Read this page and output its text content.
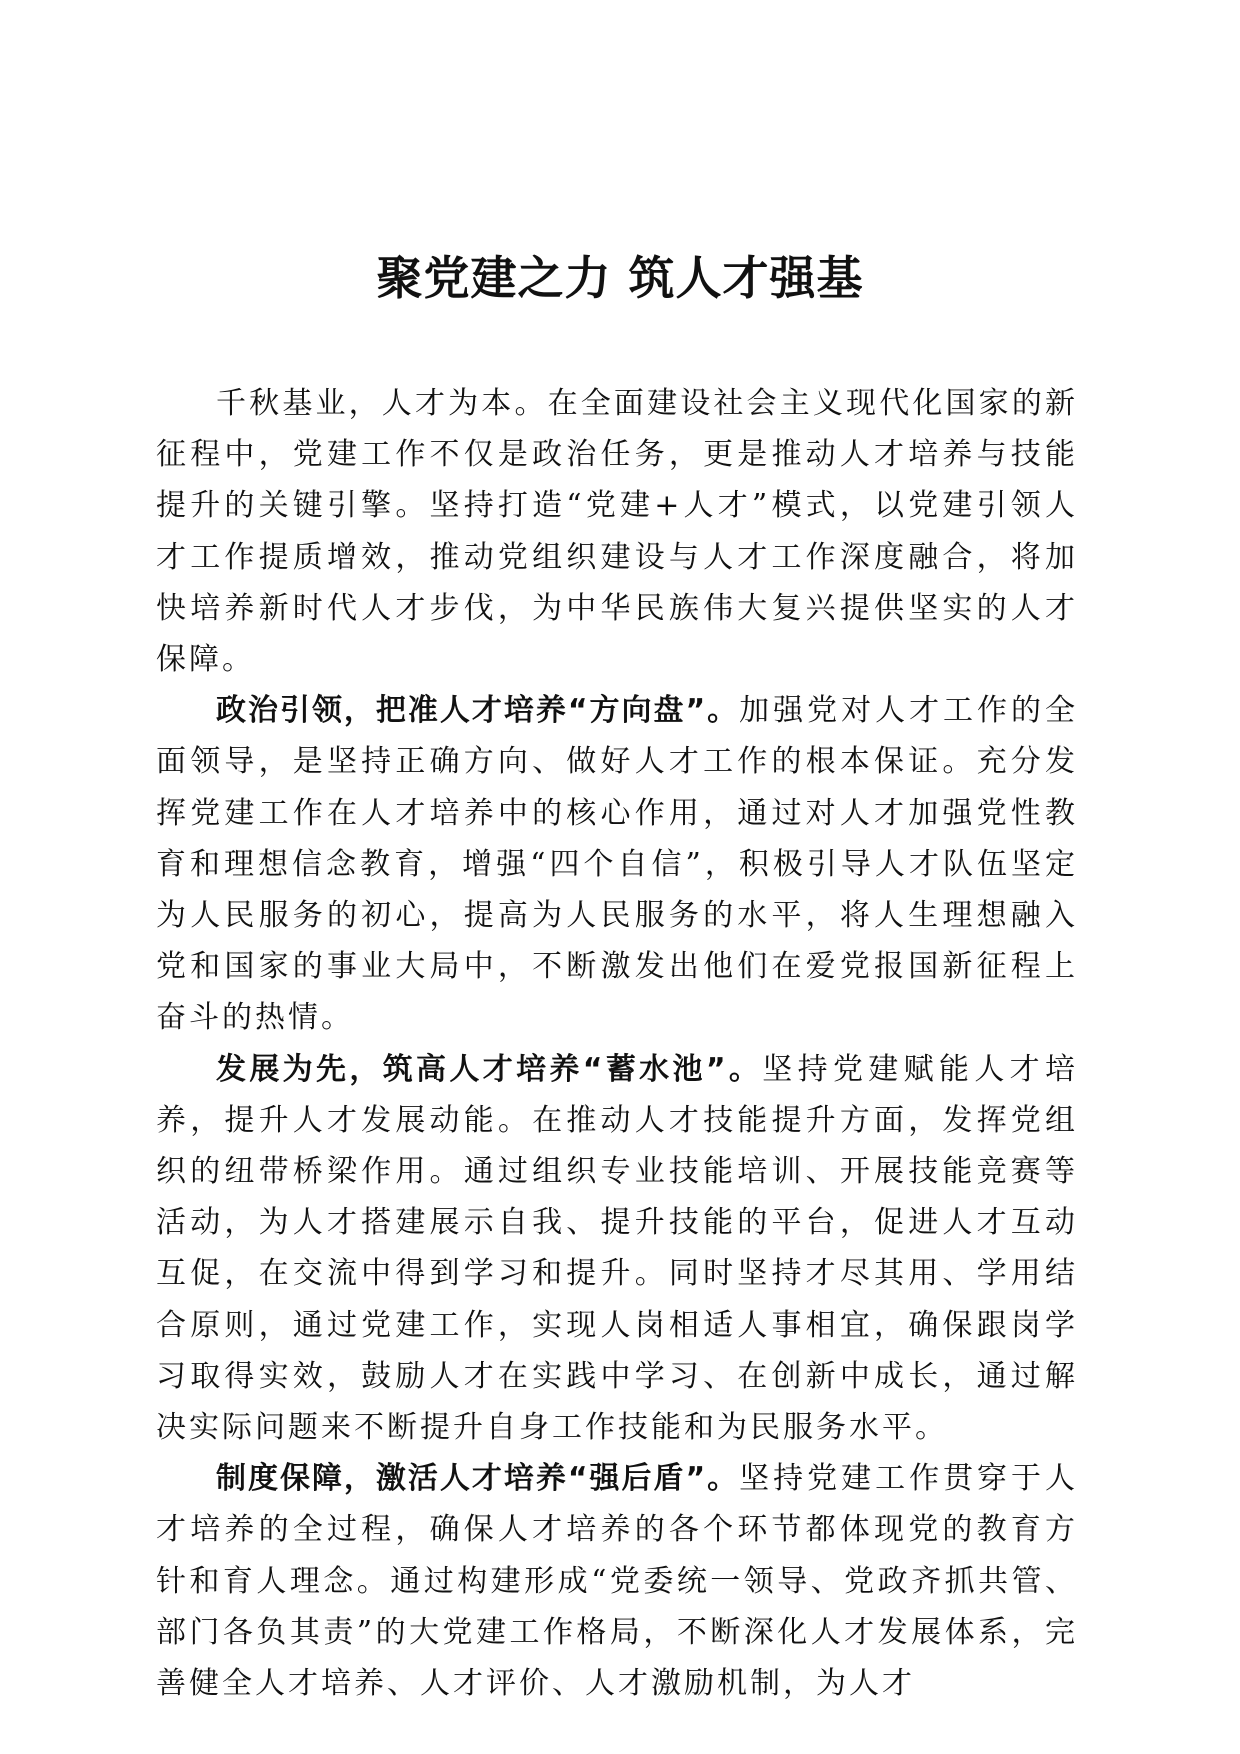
聚党建之力 筑人才强基

千秋基业，人才为本。在全面建设社会主义现代化国家的新征程中，党建工作不仅是政治任务，更是推动人才培养与技能提升的关键引擎。坚持打造“党建+人才”模式，以党建引领人才工作提质增效，推动党组织建设与人才工作深度融合，将加快培养新时代人才步伐，为中华民族伟大复兴提供坚实的人才保障。

政治引领，把准人才培养“方向盘”。加强党对人才工作的全面领导，是坚持正确方向、做好人才工作的根本保证。充分发挥党建工作在人才培养中的核心作用，通过对人才加强党性教育和理想信念教育，增强“四个自信”，积极引导人才队伍坚定为人民服务的初心，提高为人民服务的水平，将人生理想融入党和国家的事业大局中，不断激发出他们在爱党报国新征程上奋斗的热情。

发展为先，筑高人才培养“蓄水池”。坚持党建赋能人才培养，提升人才发展动能。在推动人才技能提升方面，发挥党组织的纽带桥梁作用。通过组织专业技能培训、开展技能竞赛等活动，为人才搭建展示自我、提升技能的平台，促进人才互动互促，在交流中得到学习和提升。同时坚持才尽其用、学用结合原则，通过党建工作，实现人岗相适人事相宜，确保跟岗学习取得实效，鼓励人才在实践中学习、在创新中成长，通过解决实际问题来不断提升自身工作技能和为民服务水平。

制度保障，激活人才培养“强后盾”。坚持党建工作贯穿于人才培养的全过程，确保人才培养的各个环节都体现党的教育方针和育人理念。通过构建形成“党委统一领导、党政齐抓共管、部门各负其责”的大党建工作格局，不断深化人才发展体系，完善健全人才培养、人才评价、人才激励机制，为人才
